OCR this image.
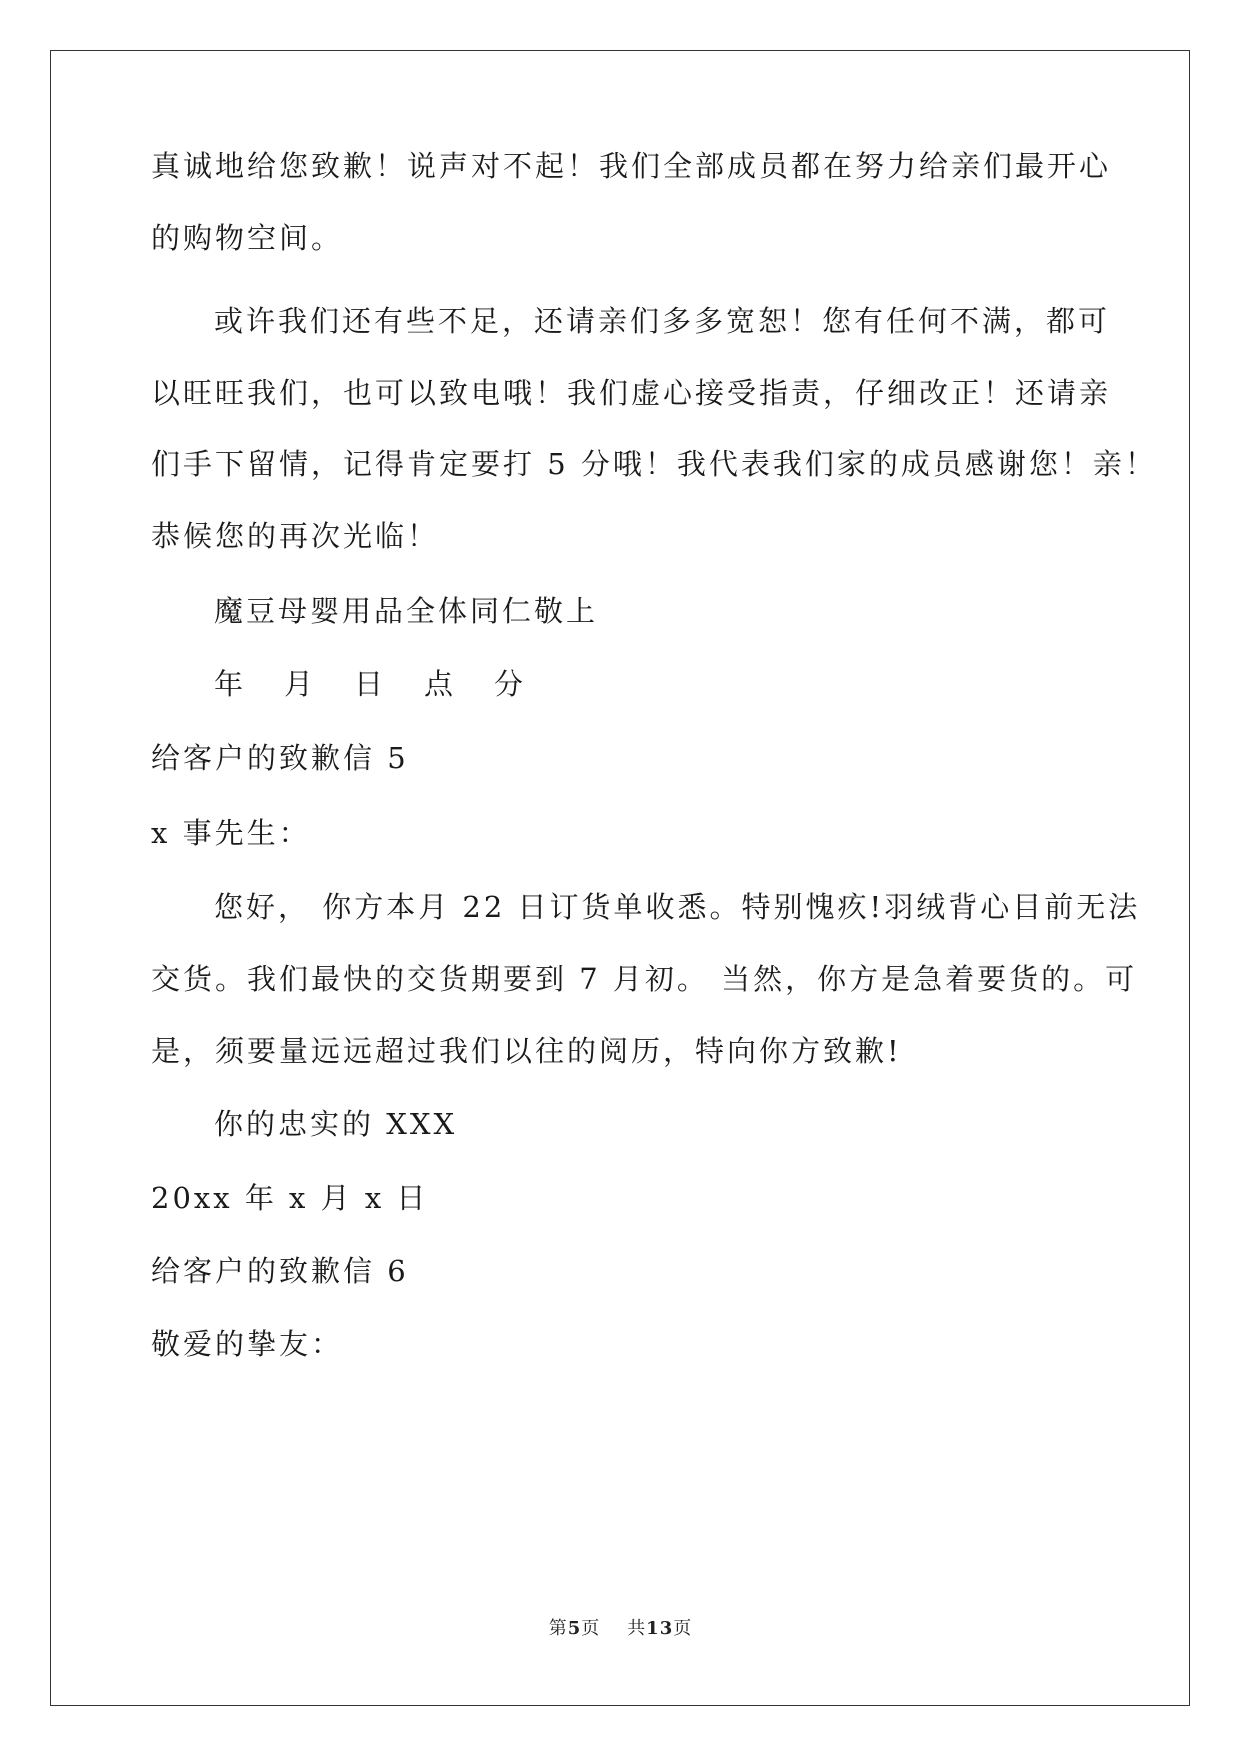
真诚地给您致歉！说声对不起！我们全部成员都在努力给亲们最开心
的购物空间。
或许我们还有些不足，还请亲们多多宽恕！您有任何不满，都可
以旺旺我们，也可以致电哦！我们虚心接受指责，仔细改正！还请亲
们手下留情，记得肯定要打 5 分哦！我代表我们家的成员感谢您！亲！
恭候您的再次光临！
魔豆母婴用品全体同仁敬上
年 月 日 点 分
给客户的致歉信 5
x 事先生：
您好， 你方本月 22 日订货单收悉。特别愧疚!羽绒背心目前无法
交货。我们最快的交货期要到 7 月初。 当然，你方是急着要货的。可
是，须要量远远超过我们以往的阅历，特向你方致歉!
你的忠实的 XXX
20xx 年 x 月 x 日
给客户的致歉信 6
敬爱的挚友：
第5页 共13页
